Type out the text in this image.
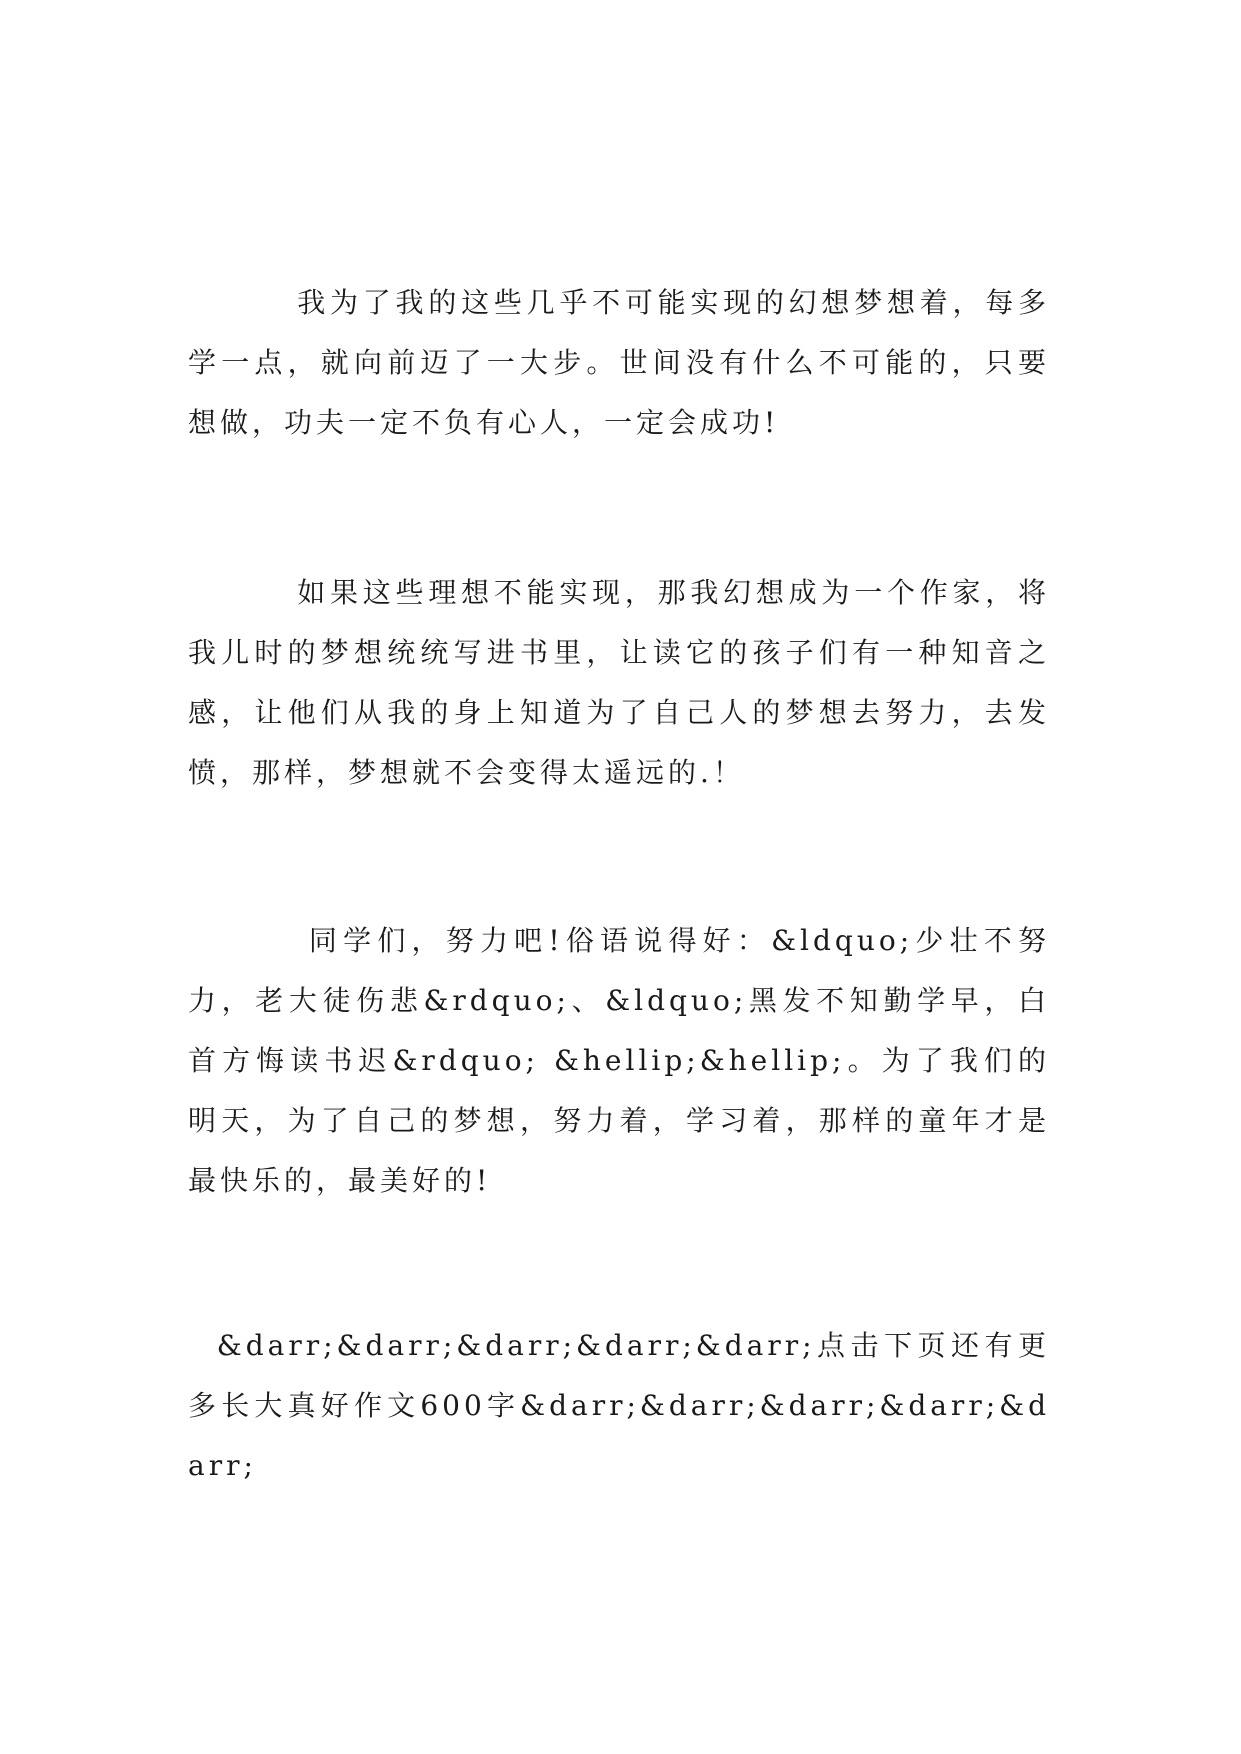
我为了我的这些几乎不可能实现的幻想梦想着，每多学一点，就向前迈了一大步。世间没有什么不可能的，只要想做，功夫一定不负有心人，一定会成功!

如果这些理想不能实现，那我幻想成为一个作家，将我儿时的梦想统统写进书里，让读它的孩子们有一种知音之感，让他们从我的身上知道为了自己人的梦想去努力，去发愤，那样，梦想就不会变得太遥远的.！

同学们，努力吧!俗语说得好：&ldquo;少壮不努力，老大徒伤悲&rdquo;、&ldquo;黑发不知勤学早，白首方悔读书迟&rdquo; &hellip;&hellip;。为了我们的明天，为了自己的梦想，努力着，学习着，那样的童年才是最快乐的，最美好的!

&darr;&darr;&darr;&darr;&darr;点击下页还有更多长大真好作文600字&darr;&darr;&darr;&darr;&darr;
